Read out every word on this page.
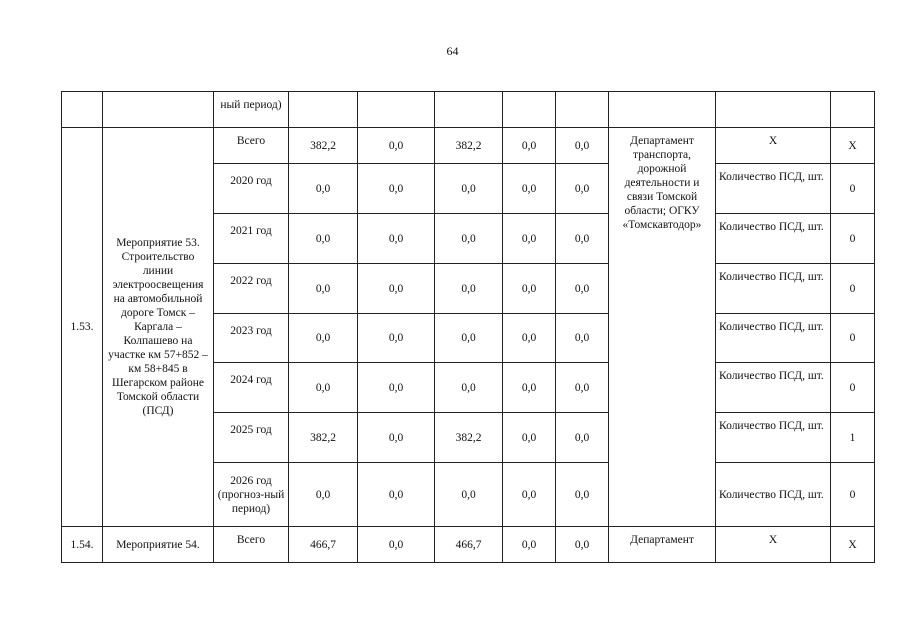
64
		ный период)								
1.53.	Мероприятие 53. Строительство линии электроосвещения на автомобильной дороге Томск – Каргала – Колпашево на участке км 57+852 – км 58+845 в Шегарском районе Томской области (ПСД)	Всего	382,2	0,0	382,2	0,0	0,0	Департамент транспорта, дорожной деятельности и связи Томской области; ОГКУ «Томскавтодор»	Х	Х
		2020 год	0,0	0,0	0,0	0,0	0,0		Количество ПСД, шт.	0
		2021 год	0,0	0,0	0,0	0,0	0,0		Количество ПСД, шт.	0
		2022 год	0,0	0,0	0,0	0,0	0,0		Количество ПСД, шт.	0
		2023 год	0,0	0,0	0,0	0,0	0,0		Количество ПСД, шт.	0
		2024 год	0,0	0,0	0,0	0,0	0,0		Количество ПСД, шт.	0
		2025 год	382,2	0,0	382,2	0,0	0,0		Количество ПСД, шт.	1
		2026 год (прогноз-ный период)	0,0	0,0	0,0	0,0	0,0		Количество ПСД, шт.	0
1.54.	Мероприятие 54.	Всего	466,7	0,0	466,7	0,0	0,0	Департамент	Х	Х
